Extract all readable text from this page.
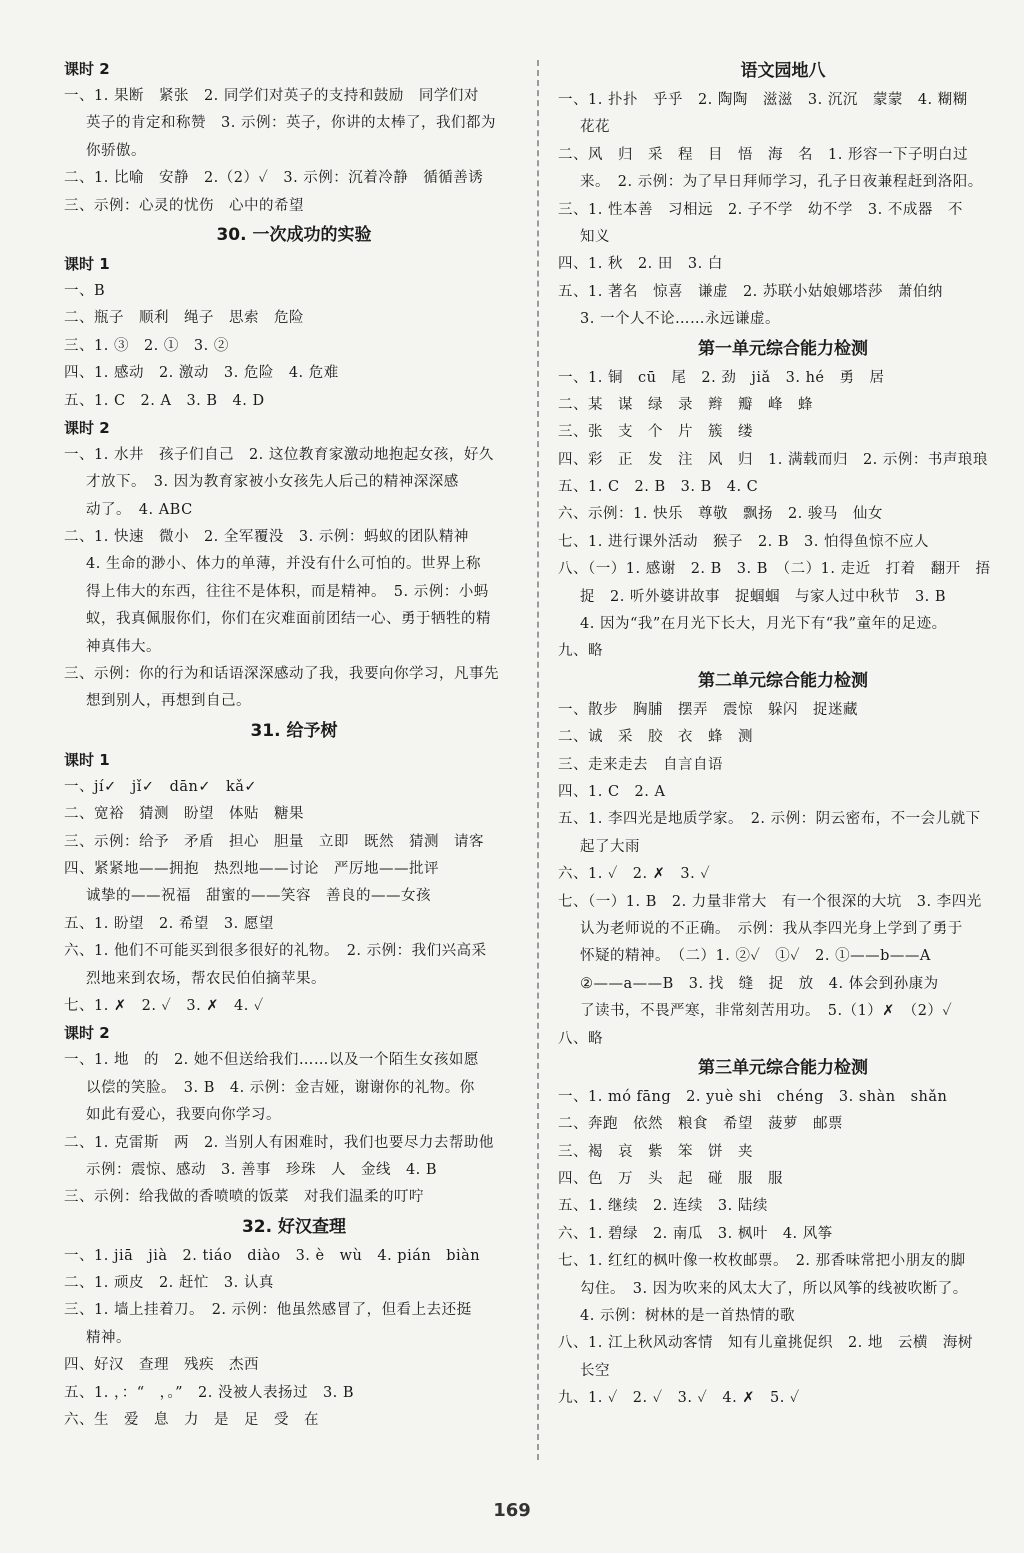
课时 2
一、1. 果断　紧张　2. 同学们对英子的支持和鼓励　同学们对
英子的肯定和称赞　3. 示例：英子，你讲的太棒了，我们都为
你骄傲。
二、1. 比喻　安静　2.（2）✓　3. 示例：沉着冷静　循循善诱
三、示例：心灵的忧伤　心中的希望
30. 一次成功的实验
课时 1
一、B
二、瓶子　顺利　绳子　思索　危险
三、1. ③　2. ①　3. ②
四、1. 感动　2. 激动　3. 危险　4. 危难
五、1. C　2. A　3. B　4. D
课时 2
一、1. 水井　孩子们自己　2. 这位教育家激动地抱起女孩，好久
才放下。　3. 因为教育家被小女孩先人后己的精神深深感
动了。　4. ABC
二、1. 快速　微小　2. 全军覆没　3. 示例：蚂蚁的团队精神
4. 生命的渺小、体力的单薄，并没有什么可怕的。世界上称
得上伟大的东西，往往不是体积，而是精神。　5. 示例：小蚂
蚁，我真佩服你们，你们在灾难面前团结一心、勇于牺牲的精
神真伟大。
三、示例：你的行为和话语深深感动了我，我要向你学习，凡事先
想到别人，再想到自己。
31. 给予树
课时 1
一、jí✓　jǐ✓　dān✓　kǎ✓
二、宽裕　猜测　盼望　体贴　糖果
三、示例：给予　矛盾　担心　胆量　立即　既然　猜测　请客
四、紧紧地——拥抱　热烈地——讨论　严厉地——批评
诚挚的——祝福　甜蜜的——笑容　善良的——女孩
五、1. 盼望　2. 希望　3. 愿望
六、1. 他们不可能买到很多很好的礼物。　2. 示例：我们兴高采
烈地来到农场，帮农民伯伯摘苹果。
七、1. ✗　2. ✓　3. ✗　4. ✓
课时 2
一、1. 地　的　2. 她不但送给我们……以及一个陌生女孩如愿
以偿的笑脸。　3. B　4. 示例：金吉娅，谢谢你的礼物。你
如此有爱心，我要向你学习。
二、1. 克雷斯　两　2. 当别人有困难时，我们也要尽力去帮助他
示例：震惊、感动　3. 善事　珍珠　人　金线　4. B
三、示例：给我做的香喷喷的饭菜　对我们温柔的叮咛
32. 好汉查理
一、1. jiā　jià　2. tiáo　diào　3. è　wù　4. pián　biàn
二、1. 顽皮　2. 赶忙　3. 认真
三、1. 墙上挂着刀。　2. 示例：他虽然感冒了，但看上去还挺
精神。
四、好汉　查理　残疾　杰西
五、1. ，：“　，。”　2. 没被人表扬过　3. B
六、生　爱　息　力　是　足　受　在
语文园地八
一、1. 扑扑　乎乎　2. 陶陶　滋滋　3. 沉沉　蒙蒙　4. 糊糊
花花
二、风　归　采　程　目　悟　海　名　1. 形容一下子明白过
来。　2. 示例：为了早日拜师学习，孔子日夜兼程赶到洛阳。
三、1. 性本善　习相远　2. 子不学　幼不学　3. 不成器　不
知义
四、1. 秋　2. 田　3. 白
五、1. 著名　惊喜　谦虚　2. 苏联小姑娘娜塔莎　萧伯纳
3. 一个人不论……永远谦虚。
第一单元综合能力检测
一、1. 铜　cū　尾　2. 劲　jiǎ　3. hé　勇　居
二、某　谋　绿　录　辫　瓣　峰　蜂
三、张　支　个　片　簇　缕
四、彩　正　发　注　风　归　1. 满载而归　2. 示例：书声琅琅
五、1. C　2. B　3. B　4. C
六、示例：1. 快乐　尊敬　飘扬　2. 骏马　仙女
七、1. 进行课外活动　猴子　2. B　3. 怕得鱼惊不应人
八、（一）1. 感谢　2. B　3. B　（二）1. 走近　打着　翻开　捂
捉　2. 听外婆讲故事　捉蝈蝈　与家人过中秋节　3. B
4. 因为“我”在月光下长大，月光下有“我”童年的足迹。
九、略
第二单元综合能力检测
一、散步　胸脯　摆弄　震惊　躲闪　捉迷藏
二、诚　采　胶　衣　蜂　测
三、走来走去　自言自语
四、1. C　2. A
五、1. 李四光是地质学家。　2. 示例：阴云密布，不一会儿就下
起了大雨
六、1. ✓　2. ✗　3. ✓
七、（一）1. B　2. 力量非常大　有一个很深的大坑　3. 李四光
认为老师说的不正确。　示例：我从李四光身上学到了勇于
怀疑的精神。　（二）1. ②✓　①✓　2. ①——b——A
②——a——B　3. 找　缝　捉　放　4. 体会到孙康为
了读书，不畏严寒，非常刻苦用功。　5.（1）✗　（2）✓
八、略
第三单元综合能力检测
一、1. mó fāng　2. yuè shi　chéng　3. shàn　shǎn
二、奔跑　依然　粮食　希望　菠萝　邮票
三、褐　哀　紫　笨　饼　夹
四、色　万　头　起　碰　服　服
五、1. 继续　2. 连续　3. 陆续
六、1. 碧绿　2. 南瓜　3. 枫叶　4. 风筝
七、1. 红红的枫叶像一枚枚邮票。　2. 那香味常把小朋友的脚
勾住。　3. 因为吹来的风太大了，所以风筝的线被吹断了。
4. 示例：树林的是一首热情的歌
八、1. 江上秋风动客情　知有儿童挑促织　2. 地　云横　海树
长空
九、1. ✓　2. ✓　3. ✓　4. ✗　5. ✓
169
